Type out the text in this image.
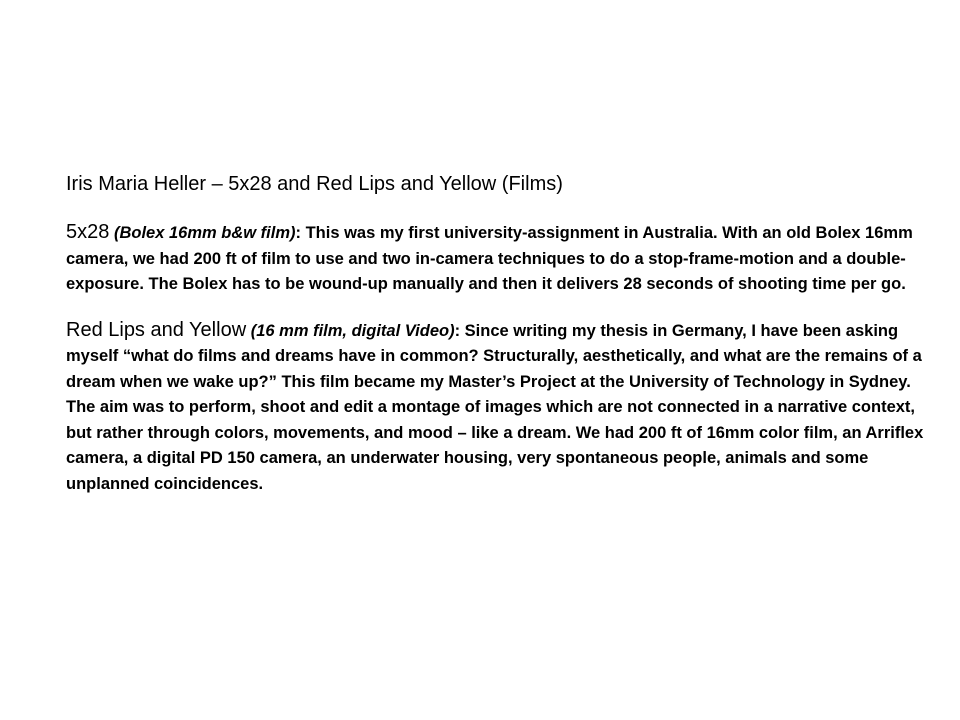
Iris Maria Heller – 5x28 and Red Lips and Yellow (Films)

5x28 (Bolex 16mm b&w film): This was my first university-assignment in Australia. With an old Bolex 16mm camera, we had 200 ft of film to use and two in-camera techniques to do a stop-frame-motion and a double-exposure. The Bolex has to be wound-up manually and then it delivers 28 seconds of shooting time per go.

Red Lips and Yellow (16 mm film, digital Video): Since writing my thesis in Germany, I have been asking myself “what do films and dreams have in common? Structurally, aesthetically, and what are the remains of a dream when we wake up?” This film became my Master’s Project at the University of Technology in Sydney. The aim was to perform, shoot and edit a montage of images which are not connected in a narrative context, but rather through colors, movements, and mood – like a dream. We had 200 ft of 16mm color film, an Arriflex camera, a digital PD 150 camera, an underwater housing, very spontaneous people, animals and some unplanned coincidences.
